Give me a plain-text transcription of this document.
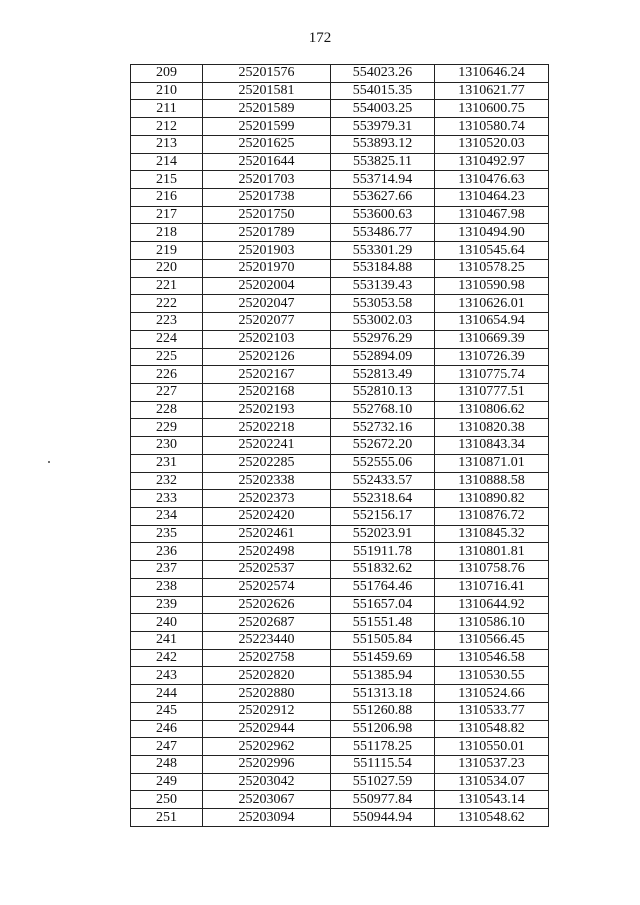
172
209	25201576	554023.26	1310646.24
210	25201581	554015.35	1310621.77
211	25201589	554003.25	1310600.75
212	25201599	553979.31	1310580.74
213	25201625	553893.12	1310520.03
214	25201644	553825.11	1310492.97
215	25201703	553714.94	1310476.63
216	25201738	553627.66	1310464.23
217	25201750	553600.63	1310467.98
218	25201789	553486.77	1310494.90
219	25201903	553301.29	1310545.64
220	25201970	553184.88	1310578.25
221	25202004	553139.43	1310590.98
222	25202047	553053.58	1310626.01
223	25202077	553002.03	1310654.94
224	25202103	552976.29	1310669.39
225	25202126	552894.09	1310726.39
226	25202167	552813.49	1310775.74
227	25202168	552810.13	1310777.51
228	25202193	552768.10	1310806.62
229	25202218	552732.16	1310820.38
230	25202241	552672.20	1310843.34
231	25202285	552555.06	1310871.01
232	25202338	552433.57	1310888.58
233	25202373	552318.64	1310890.82
234	25202420	552156.17	1310876.72
235	25202461	552023.91	1310845.32
236	25202498	551911.78	1310801.81
237	25202537	551832.62	1310758.76
238	25202574	551764.46	1310716.41
239	25202626	551657.04	1310644.92
240	25202687	551551.48	1310586.10
241	25223440	551505.84	1310566.45
242	25202758	551459.69	1310546.58
243	25202820	551385.94	1310530.55
244	25202880	551313.18	1310524.66
245	25202912	551260.88	1310533.77
246	25202944	551206.98	1310548.82
247	25202962	551178.25	1310550.01
248	25202996	551115.54	1310537.23
249	25203042	551027.59	1310534.07
250	25203067	550977.84	1310543.14
251	25203094	550944.94	1310548.62
